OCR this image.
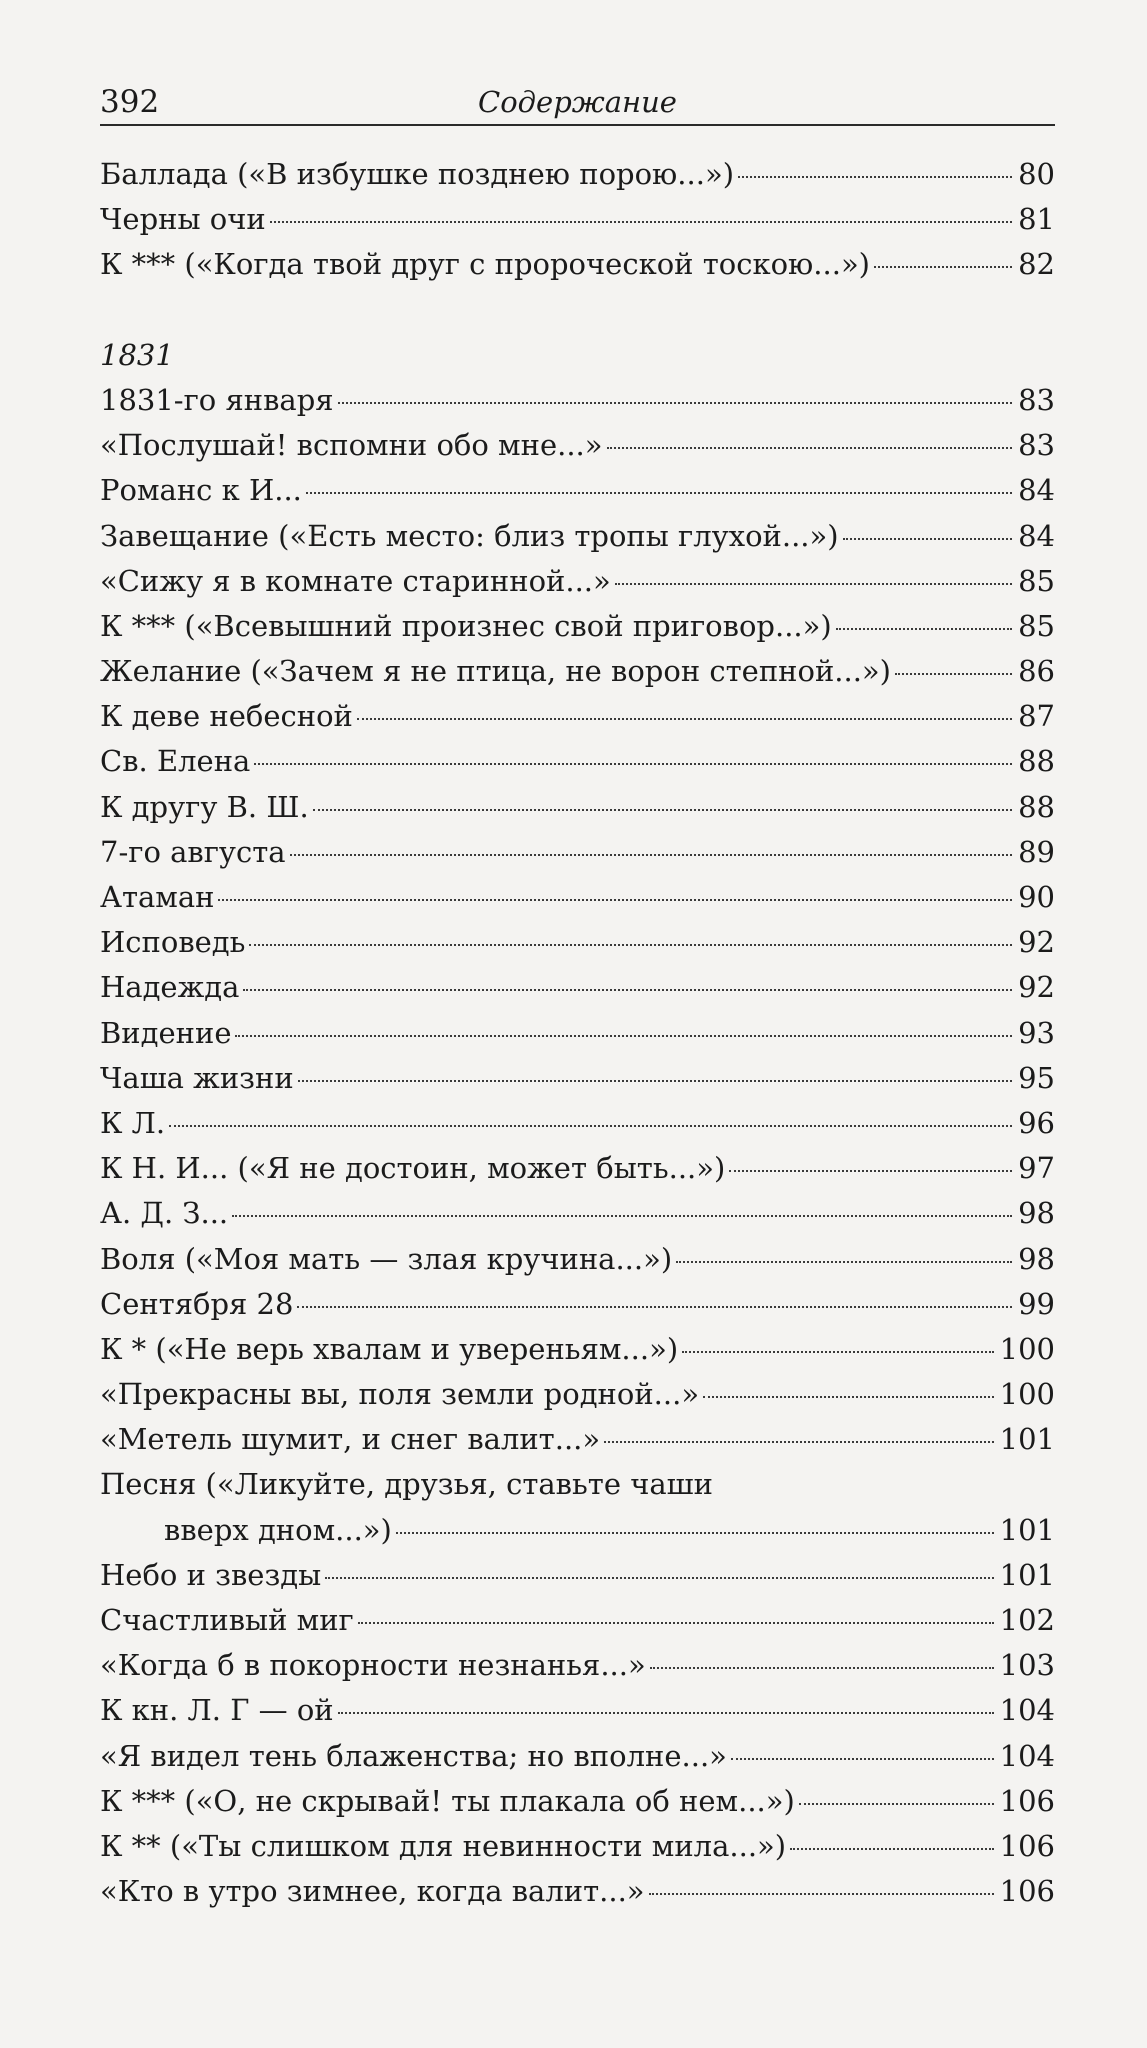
392	Содержание
Баллада («В избушке позднею порою...»)	80
Черны очи	81
К *** («Когда твой друг с пророческой тоскою...»)	82
1831
1831-го января	83
«Послушай! вспомни обо мне...»	83
Романс к И...	84
Завещание («Есть место: близ тропы глухой...»)	84
«Сижу я в комнате старинной...»	85
К *** («Всевышний произнес свой приговор...»)	85
Желание («Зачем я не птица, не ворон степной...»)	86
К деве небесной	87
Св. Елена	88
К другу В. Ш.	88
7-го августа	89
Атаман	90
Исповедь	92
Надежда	92
Видение	93
Чаша жизни	95
К Л.	96
К Н. И... («Я не достоин, может быть...»)	97
А. Д. З...	98
Воля («Моя мать — злая кручина...»)	98
Сентября 28	99
К * («Не верь хвалам и увереньям...»)	100
«Прекрасны вы, поля земли родной...»	100
«Метель шумит, и снег валит...»	101
Песня («Ликуйте, друзья, ставьте чаши
вверх дном...»)	101
Небо и звезды	101
Счастливый миг	102
«Когда б в покорности незнанья...»	103
К кн. Л. Г — ой	104
«Я видел тень блаженства; но вполне...»	104
К *** («О, не скрывай! ты плакала об нем...»)	106
К ** («Ты слишком для невинности мила...»)	106
«Кто в утро зимнее, когда валит...»	106
